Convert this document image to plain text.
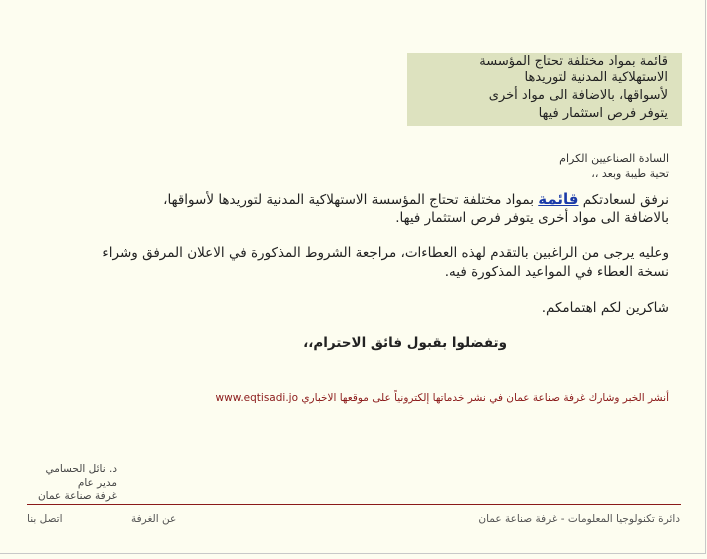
قائمة بمواد مختلفة تحتاج المؤسسة
الاستهلاكية المدنية لتوريدها
لأسواقها، بالاضافة الى مواد أخرى
يتوفر فرص استثمار فيها
السادة الصناعيين الكرام
تحية طيبة وبعد ،،
نرفق لسعادتكم قائمة بمواد مختلفة تحتاج المؤسسة الاستهلاكية المدنية لتوريدها لأسواقها،
بالاضافة الى مواد أخرى يتوفر فرص استثمار فيها.
وعليه يرجى من الراغبين بالتقدم لهذه العطاءات، مراجعة الشروط المذكورة في الاعلان المرفق وشراء
نسخة العطاء في المواعيد المذكورة فيه.
شاكرين لكم اهتمامكم.
وتفضلوا بقبول فائق الاحترام،،
أنشر الخبر وشارك غرفة صناعة عمان في نشر خدماتها إلكترونياً على موقعها الاخباري www.eqtisadi.jo
د. نائل الحسامي
مدير عام
غرفة صناعة عمان
دائرة تكنولوجيا المعلومات - غرفة صناعة عمان
عن الغرفة
اتصل بنا
